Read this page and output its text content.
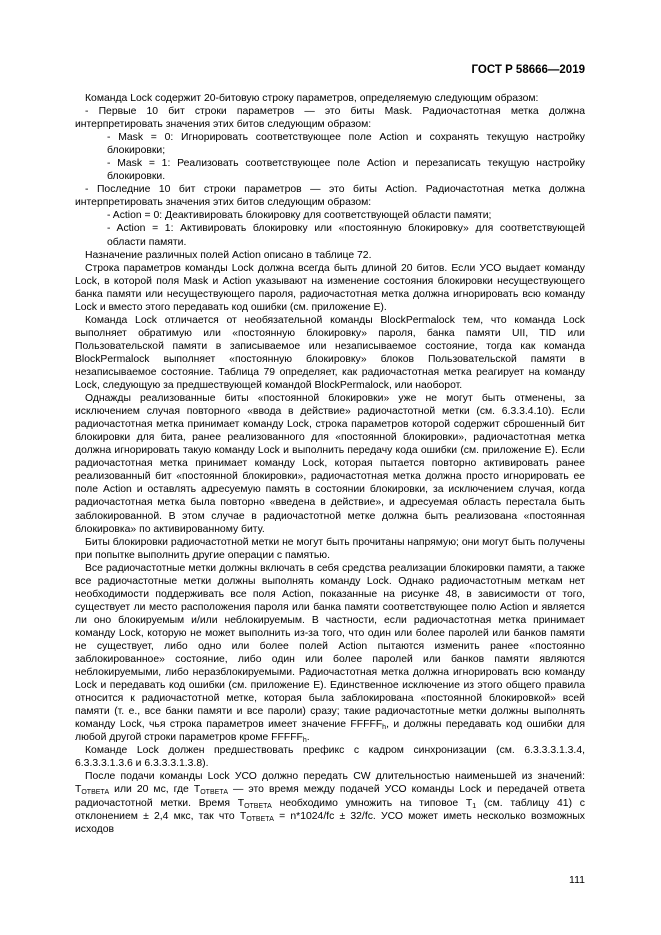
ГОСТ Р 58666—2019

Команда Lock содержит 20-битовую строку параметров, определяемую следующим образом:

- Первые 10 бит строки параметров — это биты Mask. Радиочастотная метка должна интерпретировать значения этих битов следующим образом:

- Mask = 0: Игнорировать соответствующее поле Action и сохранять текущую настройку блокировки;

- Mask = 1: Реализовать соответствующее поле Action и перезаписать текущую настройку блокировки.

- Последние 10 бит строки параметров — это биты Action. Радиочастотная метка должна интерпретировать значения этих битов следующим образом:

- Action = 0: Деактивировать блокировку для соответствующей области памяти;

- Action = 1: Активировать блокировку или «постоянную блокировку» для соответствующей области памяти.

Назначение различных полей Action описано в таблице 72.

Строка параметров команды Lock должна всегда быть длиной 20 битов. Если УСО выдает команду Lock, в которой поля Mask и Action указывают на изменение состояния блокировки несуществующего банка памяти или несуществующего пароля, радиочастотная метка должна игнорировать всю команду Lock и вместо этого передавать код ошибки (см. приложение Е).

Команда Lock отличается от необязательной команды BlockPermalock тем, что команда Lock выполняет обратимую или «постоянную блокировку» пароля, банка памяти UII, TID или Пользовательской памяти в записываемое или незаписываемое состояние, тогда как команда BlockPermalock выполняет «постоянную блокировку» блоков Пользовательской памяти в незаписываемое состояние. Таблица 79 определяет, как радиочастотная метка реагирует на команду Lock, следующую за предшествующей командой BlockPermalock, или наоборот.

Однажды реализованные биты «постоянной блокировки» уже не могут быть отменены, за исключением случая повторного «ввода в действие» радиочастотной метки (см. 6.3.3.4.10). Если радиочастотная метка принимает команду Lock, строка параметров которой содержит сброшенный бит блокировки для бита, ранее реализованного для «постоянной блокировки», радиочастотная метка должна игнорировать такую команду Lock и выполнить передачу кода ошибки (см. приложение Е). Если радиочастотная метка принимает команду Lock, которая пытается повторно активировать ранее реализованный бит «постоянной блокировки», радиочастотная метка должна просто игнорировать ее поле Action и оставлять адресуемую память в состоянии блокировки, за исключением случая, когда радиочастотная метка была повторно «введена в действие», и адресуемая область перестала быть заблокированной. В этом случае в радиочастотной метке должна быть реализована «постоянная блокировка» по активированному биту.

Биты блокировки радиочастотной метки не могут быть прочитаны напрямую; они могут быть получены при попытке выполнить другие операции с памятью.

Все радиочастотные метки должны включать в себя средства реализации блокировки памяти, а также все радиочастотные метки должны выполнять команду Lock. Однако радиочастотным меткам нет необходимости поддерживать все поля Action, показанные на рисунке 48, в зависимости от того, существует ли место расположения пароля или банка памяти соответствующее полю Action и является ли оно блокируемым и/или неблокируемым. В частности, если радиочастотная метка принимает команду Lock, которую не может выполнить из-за того, что один или более паролей или банков памяти не существует, либо одно или более полей Action пытаются изменить ранее «постоянно заблокированное» состояние, либо один или более паролей или банков памяти являются неблокируемыми, либо неразблокируемыми. Радиочастотная метка должна игнорировать всю команду Lock и передавать код ошибки (см. приложение Е). Единственное исключение из этого общего правила относится к радиочастотной метке, которая была заблокирована «постоянной блокировкой» всей памяти (т. е., все банки памяти и все пароли) сразу; такие радиочастотные метки должны выполнять команду Lock, чья строка параметров имеет значение $FFFFF_h$, и должны передавать код ошибки для любой другой строки параметров кроме $FFFFF_h$.

Команде Lock должен предшествовать префикс с кадром синхронизации (см. 6.3.3.3.1.3.4, 6.3.3.3.1.3.6 и 6.3.3.3.1.3.8).

После подачи команды Lock УСО должно передать CW длительностью наименьшей из значений: $T_{ОТВЕТА}$ или 20 мс, где $T_{ОТВЕТА}$ — это время между подачей УСО команды Lock и передачей ответа радиочастотной метки. Время $T_{ОТВЕТА}$ необходимо умножить на типовое $T_1$ (см. таблицу 41) с отклонением ± 2,4 мкс, так что $T_{ОТВЕТА} = n*1024/fc \pm 32/fc$. УСО может иметь несколько возможных исходов

111
